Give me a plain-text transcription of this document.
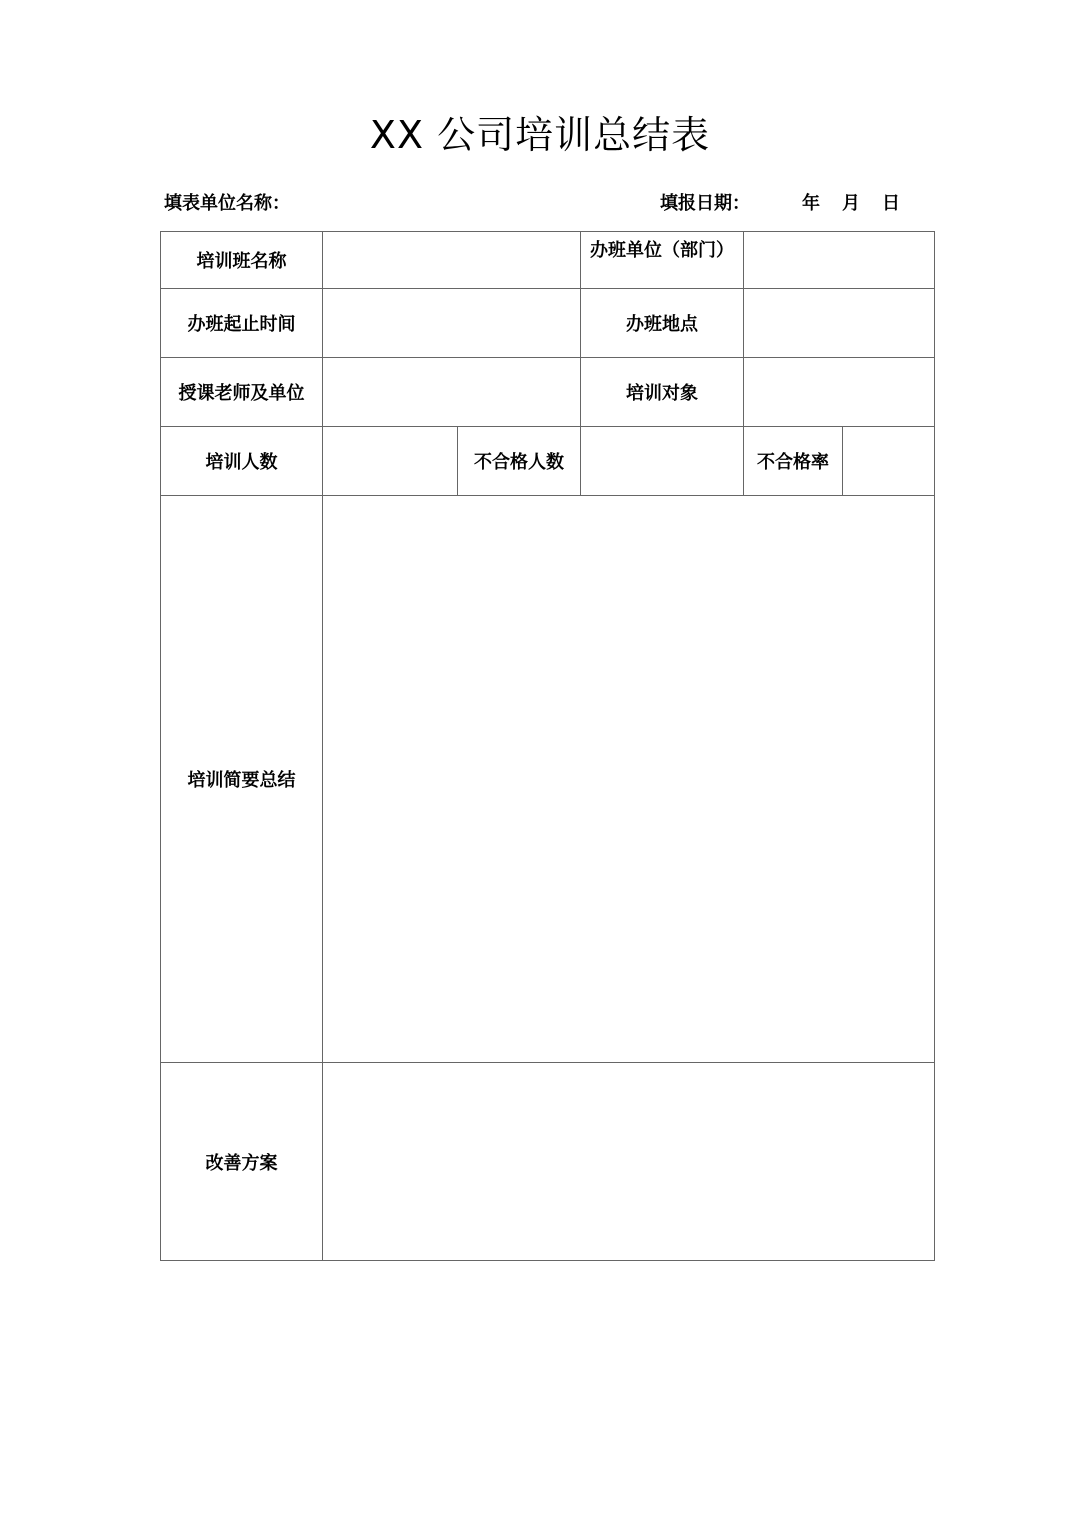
XX 公司培训总结表
填表单位名称：	填报日期：	年 月 日
培训班名称			办班单位（部门）		
办班起止时间			办班地点		
授课老师及单位			培训对象		
培训人数		不合格人数		不合格率	
培训简要总结					
改善方案					
